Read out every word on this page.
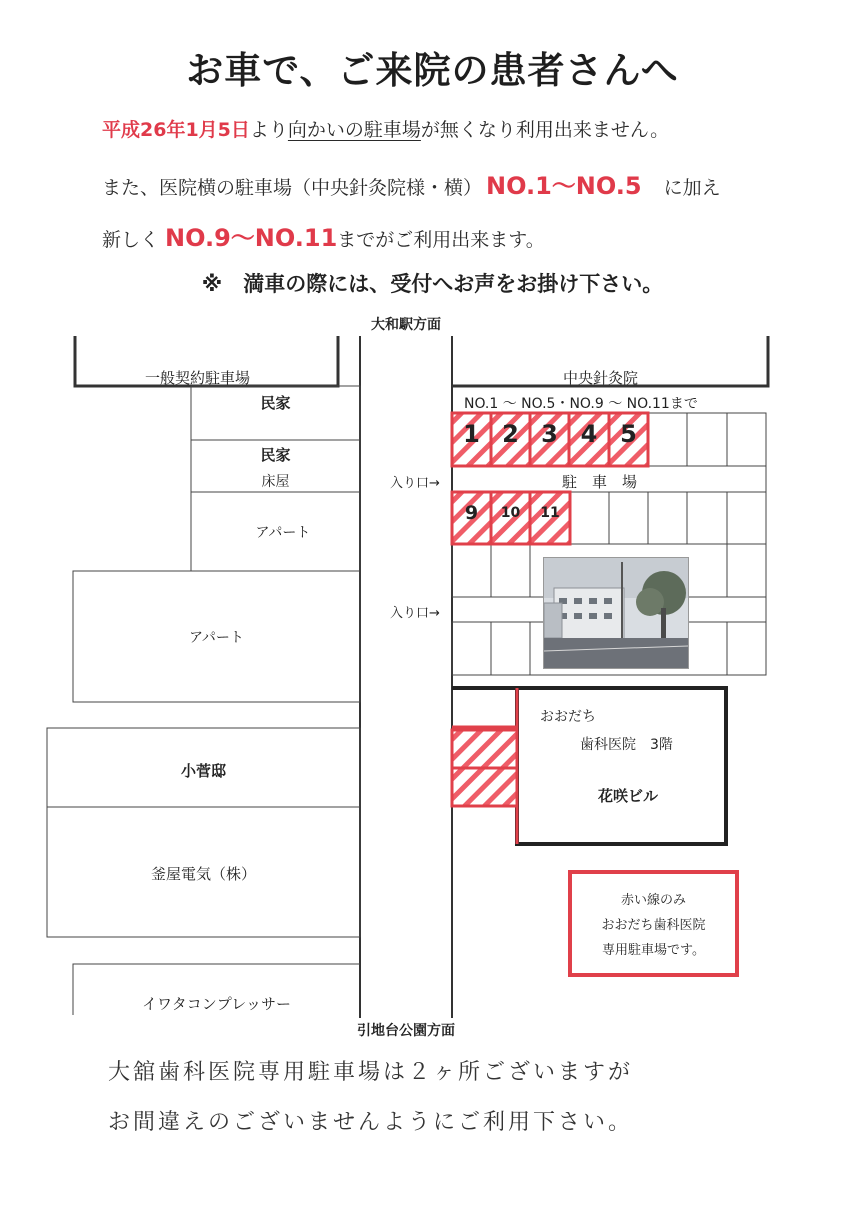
お車で、ご来院の患者さんへ
平成26年1月5日より向かいの駐車場が無くなり利用出来ません。
また、医院横の駐車場（中央針灸院様・横） NO.1～NO.5 に加え
新しく NO.9～NO.11までがご利用出来ます。
※　満車の際には、受付へお声をお掛け下さい。
1 2 3 4 5
9	10	11
大和駅方面
引地台公園方面
一般契約駐車場	中央針灸院
NO.1 ～ NO.5・NO.9 ～ NO.11まで
民家
民家
床屋
アパート
アパート
入り口→
入り口→
駐　車　場
小菅邸
釜屋電気（株）
イワタコンプレッサー
おおだち
歯科医院　3階
花咲ビル
赤い線のみ
おおだち歯科医院
専用駐車場です。
大舘歯科医院専用駐車場は２ヶ所ございますが
お間違えのございませんようにご利用下さい。
